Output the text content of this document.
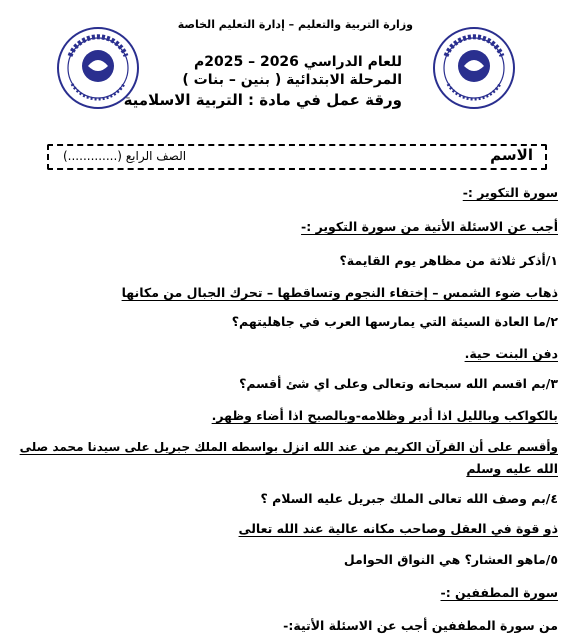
وزارة التربية والتعليم – إدارة التعليم الخاصة
للعام الدراسي 2026 – 2025م
المرحلة الابتدائية ( بنين – بنات )
ورقة عمل في مادة : التربية الاسلامية
الاسم
الصف الرابع (.............)
سورة التكوير :-
أجب عن الاسئلة الأتية من سورة التكوير :-
١/أذكر ثلاثة من مظاهر يوم القايمة؟
ذهاب ضوء الشمس – إختفاء النجوم وتساقطها – تحرك الجبال من مكانها
٢/ما العادة السيئة التي يمارسها العرب في جاهليتهم؟
دفن البنت حية.
٣/بم اقسم الله سبحانه وتعالى وعلى اي شئ أقسم؟
بالكواكب وبالليل اذا أدبر وظلامه-وبالصبح اذا أضاء وظهر.
وأقسم على أن القرآن الكريم من عند الله انزل بواسطه الملك جبريل على سيدنا محمد صلى
الله عليه وسلم
٤/بم وصف الله تعالى الملك جبريل عليه السلام ؟
ذو قوة في العقل وصاحب مكانه عالية عند الله تعالى
٥/ماهو العشار؟ هي النواق الحوامل
سورة المطففين :-
من سورة المطففين أجب عن الاسئلة الأتية:-
